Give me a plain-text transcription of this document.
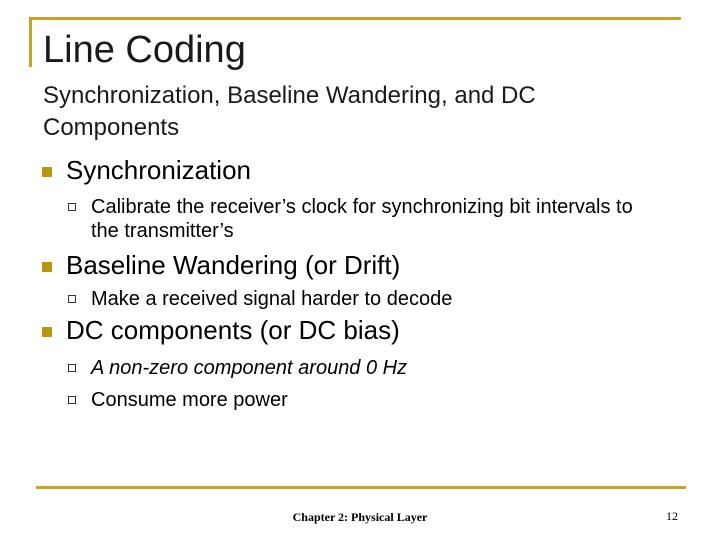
Line Coding
Synchronization, Baseline Wandering, and DC Components
Synchronization
Calibrate the receiver’s clock for synchronizing bit intervals to the transmitter’s
Baseline Wandering (or Drift)
Make a received signal harder to decode
DC components (or DC bias)
A non-zero component around 0 Hz
Consume more power
Chapter 2: Physical Layer	12
